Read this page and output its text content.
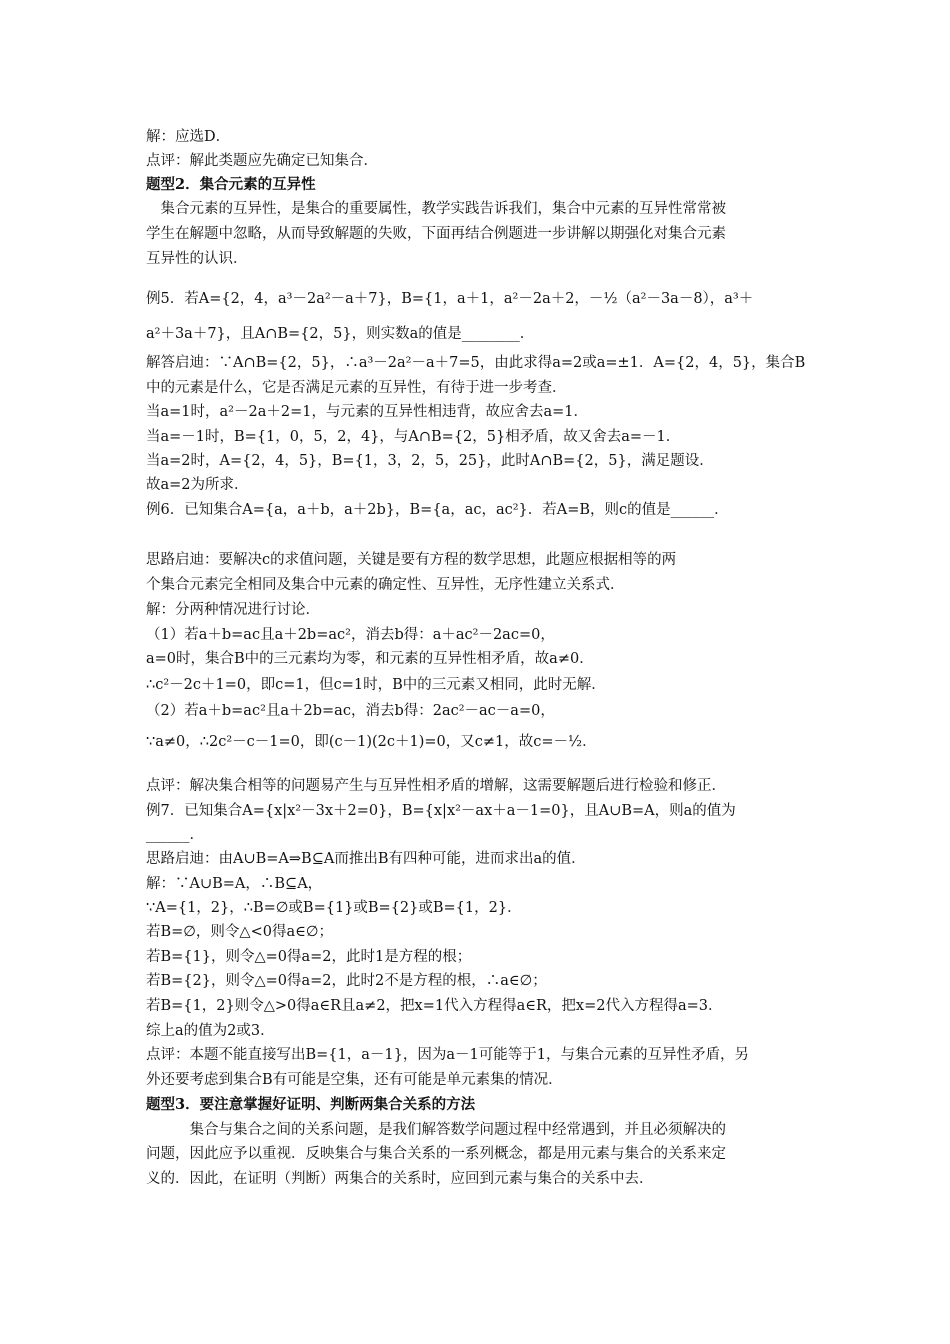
解：应选D．
点评：解此类题应先确定已知集合．
题型2．集合元素的互异性
　集合元素的互异性，是集合的重要属性，教学实践告诉我们，集合中元素的互异性常常被
学生在解题中忽略，从而导致解题的失败，下面再结合例题进一步讲解以期强化对集合元素
互异性的认识．
例5．若A={2，4，a³－2a²－a＋7}，B={1，a＋1，a²－2a＋2，－½（a²－3a－8），a³＋
a²＋3a＋7}，且A∩B={2，5}，则实数a的值是________．
解答启迪：∵A∩B={2，5}，∴a³－2a²－a＋7=5，由此求得a=2或a=±1．A={2，4，5}，集合B
中的元素是什么，它是否满足元素的互异性，有待于进一步考查．
当a=1时，a²－2a＋2=1，与元素的互异性相违背，故应舍去a=1．
当a=－1时，B={1，0，5，2，4}，与A∩B={2，5}相矛盾，故又舍去a=－1．
当a=2时，A={2，4，5}，B={1，3，2，5，25}，此时A∩B={2，5}，满足题设．
故a=2为所求．
例6．已知集合A={a，a＋b，a＋2b}，B={a，ac，ac²}．若A=B，则c的值是______．
思路启迪：要解决c的求值问题，关键是要有方程的数学思想，此题应根据相等的两
个集合元素完全相同及集合中元素的确定性、互异性，无序性建立关系式．
解：分两种情况进行讨论．
（1）若a＋b=ac且a＋2b=ac²，消去b得：a＋ac²－2ac=0，
a=0时，集合B中的三元素均为零，和元素的互异性相矛盾，故a≠0．
∴c²－2c＋1=0，即c=1，但c=1时，B中的三元素又相同，此时无解．
（2）若a＋b=ac²且a＋2b=ac，消去b得：2ac²－ac－a=0，
∵a≠0，∴2c²－c－1=0，即(c－1)(2c＋1)=0，又c≠1，故c=－½．
点评：解决集合相等的问题易产生与互异性相矛盾的增解，这需要解题后进行检验和修正．
例7．已知集合A={x|x²－3x＋2=0}，B={x|x²－ax＋a－1=0}，且A∪B=A，则a的值为
______．
思路启迪：由A∪B=A⇒B⊆A而推出B有四种可能，进而求出a的值．
解：∵A∪B=A，∴B⊆A，
∵A={1，2}，∴B=∅或B={1}或B={2}或B={1，2}．
若B=∅，则令△<0得a∈∅；
若B={1}，则令△=0得a=2，此时1是方程的根；
若B={2}，则令△=0得a=2，此时2不是方程的根，∴a∈∅；
若B={1，2}则令△>0得a∈R且a≠2，把x=1代入方程得a∈R，把x=2代入方程得a=3．
综上a的值为2或3．
点评：本题不能直接写出B={1，a－1}，因为a－1可能等于1，与集合元素的互异性矛盾，另
外还要考虑到集合B有可能是空集，还有可能是单元素集的情况．
题型3．要注意掌握好证明、判断两集合关系的方法
　　　集合与集合之间的关系问题，是我们解答数学问题过程中经常遇到，并且必须解决的
问题，因此应予以重视．反映集合与集合关系的一系列概念，都是用元素与集合的关系来定
义的．因此，在证明（判断）两集合的关系时，应回到元素与集合的关系中去．
